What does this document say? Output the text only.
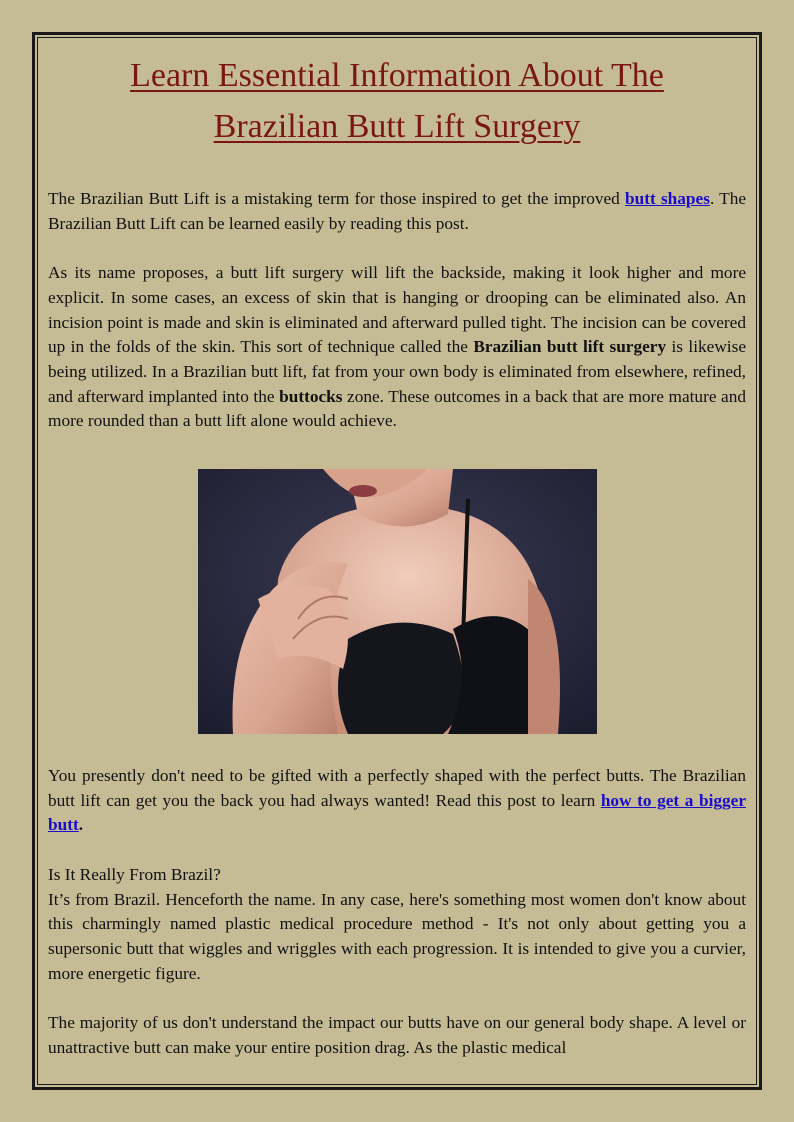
Learn Essential Information About The
Brazilian Butt Lift Surgery

The Brazilian Butt Lift is a mistaking term for those inspired to get the improved butt shapes. The Brazilian Butt Lift can be learned easily by reading this post.

As its name proposes, a butt lift surgery will lift the backside, making it look higher and more explicit. In some cases, an excess of skin that is hanging or drooping can be eliminated also. An incision point is made and skin is eliminated and afterward pulled tight. The incision can be covered up in the folds of the skin. This sort of technique called the Brazilian butt lift surgery is likewise being utilized. In a Brazilian butt lift, fat from your own body is eliminated from elsewhere, refined, and afterward implanted into the buttocks zone. These outcomes in a back that are more mature and more rounded than a butt lift alone would achieve.

You presently don't need to be gifted with a perfectly shaped with the perfect butts. The Brazilian butt lift can get you the back you had always wanted! Read this post to learn how to get a bigger butt.

Is It Really From Brazil?

It’s from Brazil. Henceforth the name. In any case, here's something most women don't know about this charmingly named plastic medical procedure method - It's not only about getting you a supersonic butt that wiggles and wriggles with each progression. It is intended to give you a curvier, more energetic figure.

The majority of us don't understand the impact our butts have on our general body shape. A level or unattractive butt can make your entire position drag. As the plastic medical
